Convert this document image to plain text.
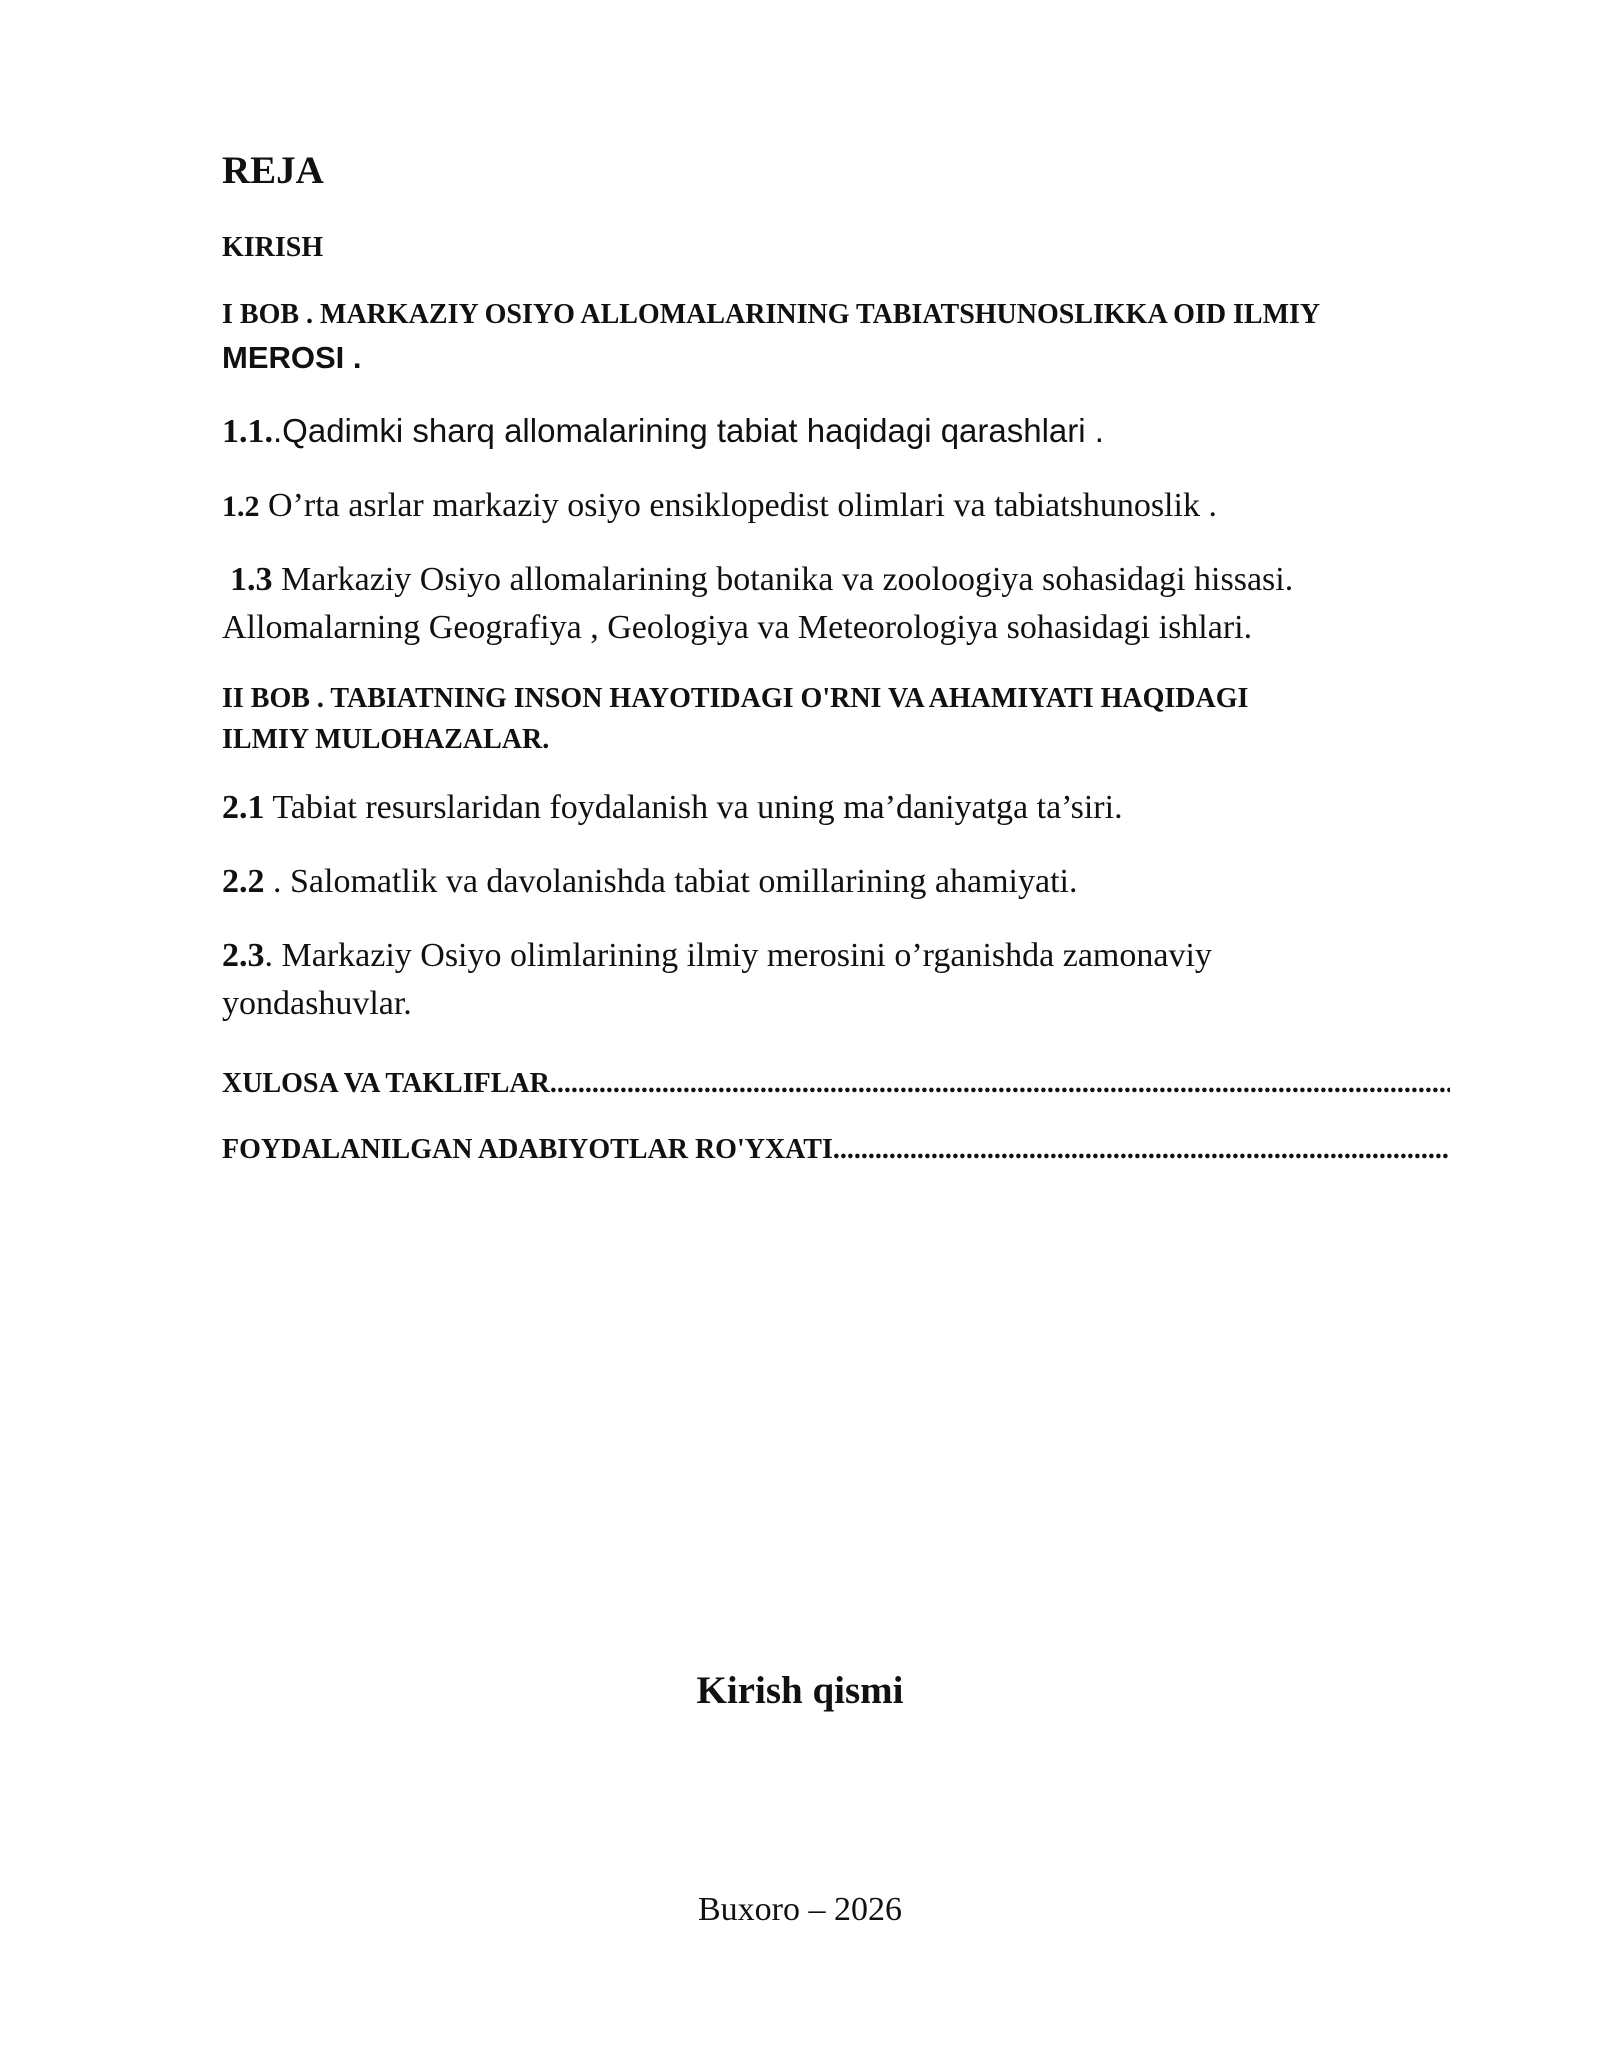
REJA
KIRISH
I BOB . MARKAZIY OSIYO ALLOMALARINING TABIATSHUNOSLIKKA OID ILMIY
MEROSI .
1.1..Qadimki sharq allomalarining tabiat haqidagi qarashlari .
1.2 O’rta asrlar markaziy osiyo ensiklopedist olimlari va tabiatshunoslik .
1.3 Markaziy Osiyo allomalarining botanika va zooloogiya sohasidagi hissasi.
Allomalarning Geografiya , Geologiya va Meteorologiya sohasidagi ishlari.
II BOB . TABIATNING INSON HAYOTIDAGI O'RNI VA AHAMIYATI HAQIDAGI
ILMIY MULOHAZALAR.
2.1 Tabiat resurslaridan foydalanish va uning ma’daniyatga ta’siri.
2.2 . Salomatlik va davolanishda tabiat omillarining ahamiyati.
2.3. Markaziy Osiyo olimlarining ilmiy merosini o’rganishda zamonaviy
yondashuvlar.
XULOSA VA TAKLIFLAR
.....
FOYDALANILGAN ADABIYOTLAR RO'YXATI
.....
Kirish qismi
Buxoro – 2026
